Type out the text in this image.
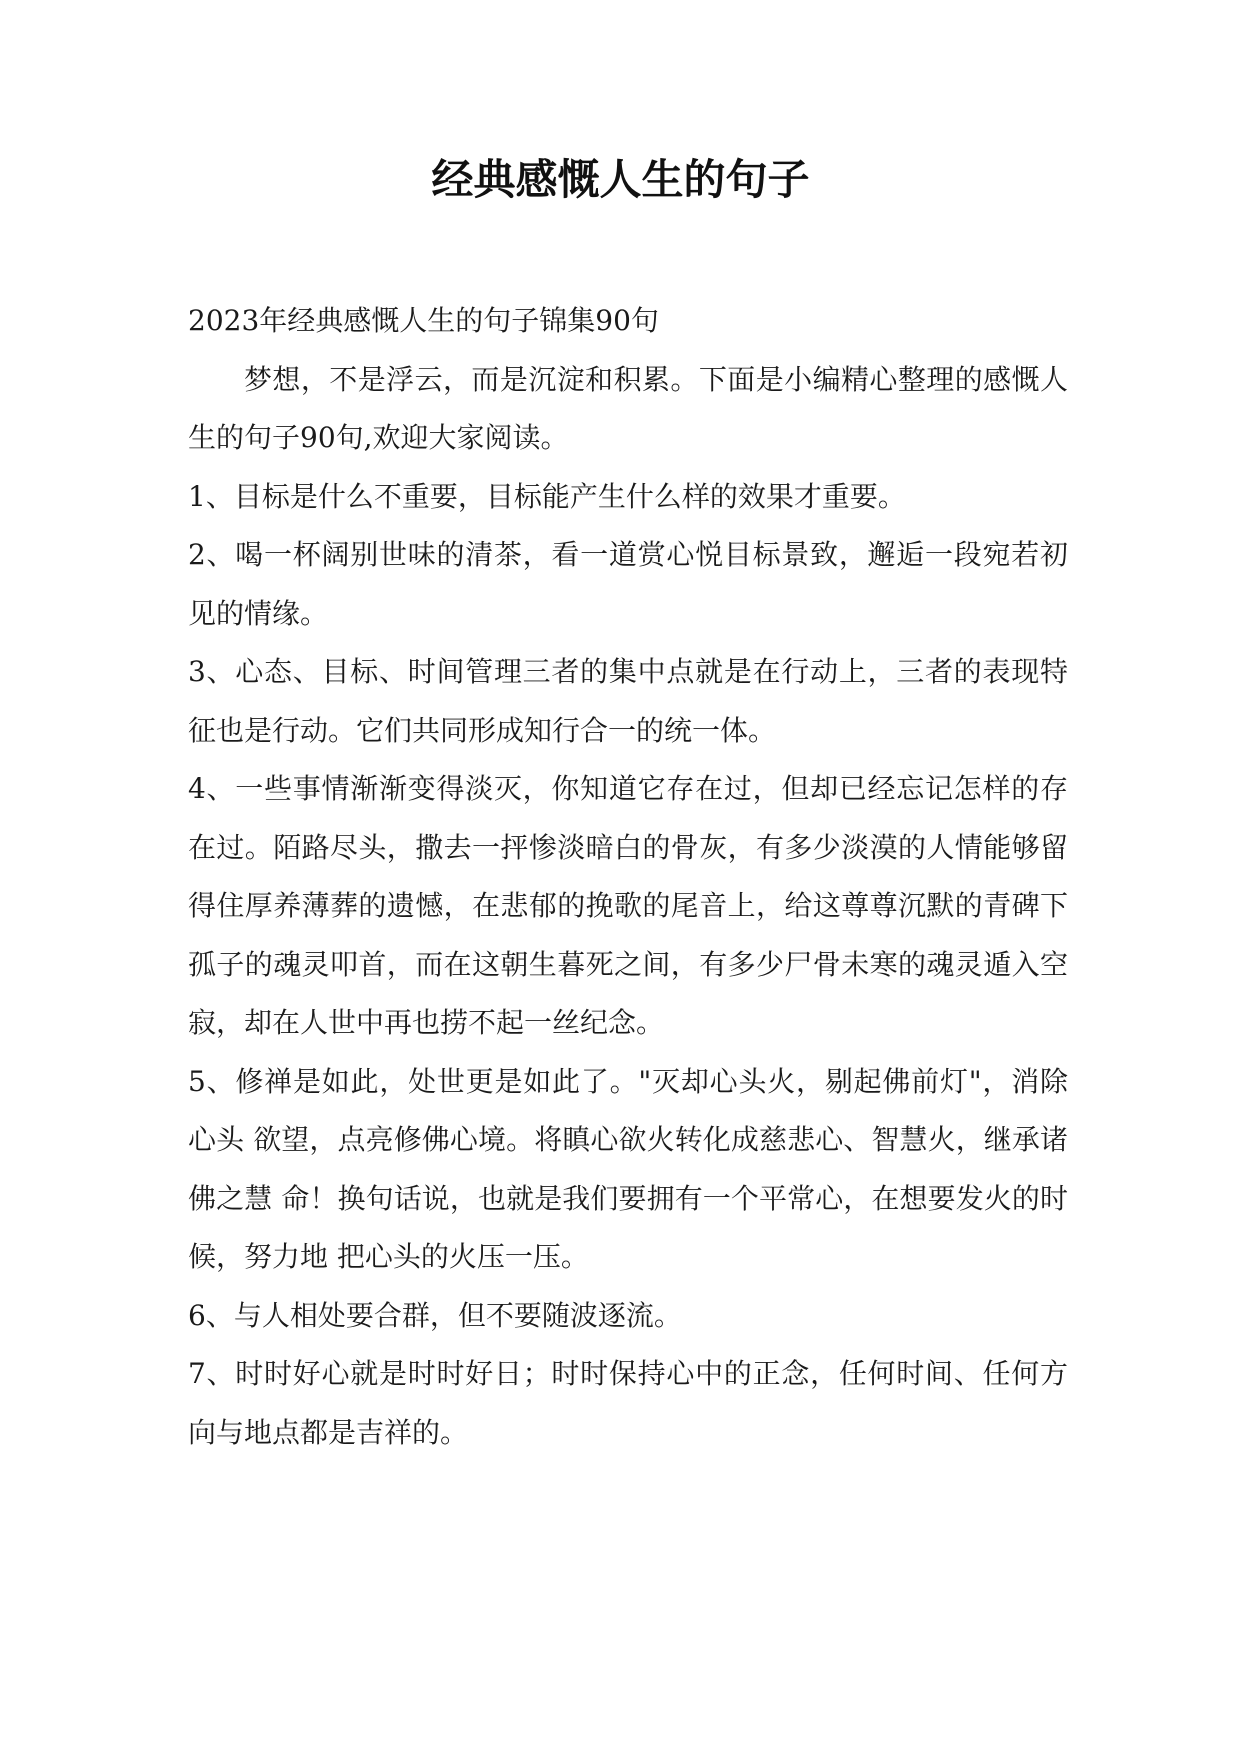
经典感慨人生的句子

2023年经典感慨人生的句子锦集90句

梦想，不是浮云，而是沉淀和积累。下面是小编精心整理的感慨人生的句子90句,欢迎大家阅读。

1、目标是什么不重要，目标能产生什么样的效果才重要。

2、喝一杯阔别世味的清茶，看一道赏心悦目标景致，邂逅一段宛若初见的情缘。

3、心态、目标、时间管理三者的集中点就是在行动上，三者的表现特征也是行动。它们共同形成知行合一的统一体。

4、一些事情渐渐变得淡灭，你知道它存在过，但却已经忘记怎样的存在过。陌路尽头，撒去一抨惨淡暗白的骨灰，有多少淡漠的人情能够留得住厚养薄葬的遗憾，在悲郁的挽歌的尾音上，给这尊尊沉默的青碑下孤子的魂灵叩首，而在这朝生暮死之间，有多少尸骨未寒的魂灵遁入空寂，却在人世中再也捞不起一丝纪念。

5、修禅是如此，处世更是如此了。"灭却心头火，剔起佛前灯"，消除心头 欲望，点亮修佛心境。将瞋心欲火转化成慈悲心、智慧火，继承诸佛之慧 命！换句话说，也就是我们要拥有一个平常心，在想要发火的时候，努力地 把心头的火压一压。

6、与人相处要合群，但不要随波逐流。

7、时时好心就是时时好日；时时保持心中的正念，任何时间、任何方向与地点都是吉祥的。
